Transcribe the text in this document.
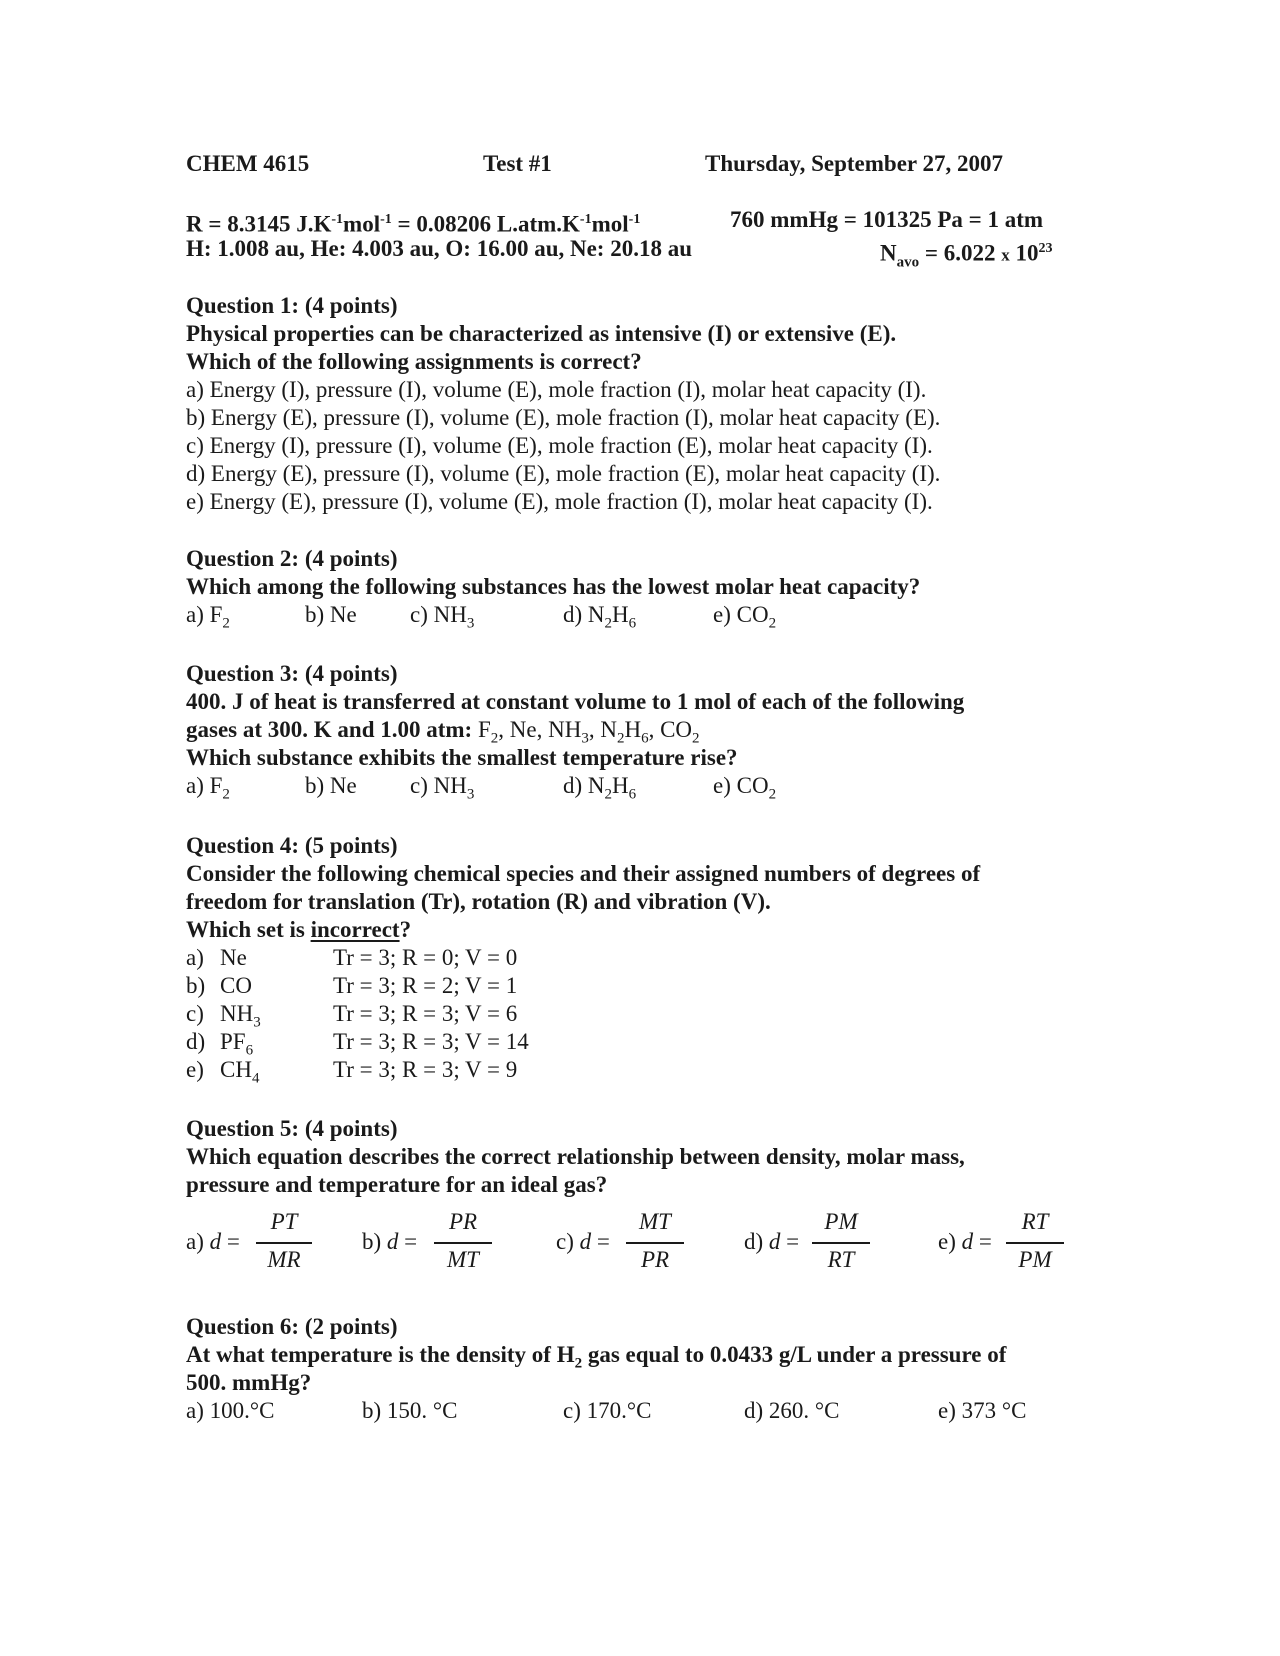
CHEM 4615	Test #1	Thursday, September 27, 2007
R = 8.3145 $J.K^{-1}mol^{-1} = 0.08206$ $L.atm.K^{-1}mol^{-1}$	760 mmHg = 101325 Pa = 1 atm
H: 1.008 au, He: 4.003 au, O: 16.00 au, Ne: 20.18 au	$N_{avo} = 6.022$ x $10^{23}$
Question 1: (4 points)
Physical properties can be characterized as intensive (I) or extensive (E).
Which of the following assignments is correct?
a) Energy (I), pressure (I), volume (E), mole fraction (I), molar heat capacity (I).
b) Energy (E), pressure (I), volume (E), mole fraction (I), molar heat capacity (E).
c) Energy (I), pressure (I), volume (E), mole fraction (E), molar heat capacity (I).
d) Energy (E), pressure (I), volume (E), mole fraction (E), molar heat capacity (I).
e) Energy (E), pressure (I), volume (E), mole fraction (I), molar heat capacity (I).
Question 2: (4 points)
Which among the following substances has the lowest molar heat capacity?
a) $F_2$	b) Ne c) $NH_3$	d) $N_2H_6$	e) $CO_2$
Question 3: (4 points)
400. J of heat is transferred at constant volume to 1 mol of each of the following
gases at 300. K and 1.00 atm: $F_2$, Ne, $NH_3$, $N_2H_6$, $CO_2$
Which substance exhibits the smallest temperature rise?
a) $F_2$	b) Ne c) $NH_3$	d) $N_2H_6$	e) $CO_2$
Question 4: (5 points)
Consider the following chemical species and their assigned numbers of degrees of
freedom for translation (Tr), rotation (R) and vibration (V).
Which set is incorrect?
a) Ne	Tr = 3; R = 0; V = 0
b) CO	Tr = 3; R = 2; V = 1
c) $NH_3$	Tr = 3; R = 3; V = 6
d) $PF_6$	Tr = 3; R = 3; V = 14
e) $CH_4$	Tr = 3; R = 3; V = 9
Question 5: (4 points)
Which equation describes the correct relationship between density, molar mass,
pressure and temperature for an ideal gas?
a) d =
PT
MR
b) d =
PR
MT
c) d =
MT
PR
d) d =
PM
RT
e) d =
RT
PM
Question 6: (2 points)
At what temperature is the density of $H_2$ gas equal to 0.0433 g/L under a pressure of
500. mmHg?
a) 100.°C	b) 150. °C	c) 170.°C	d) 260. °C	e) 373 °C
